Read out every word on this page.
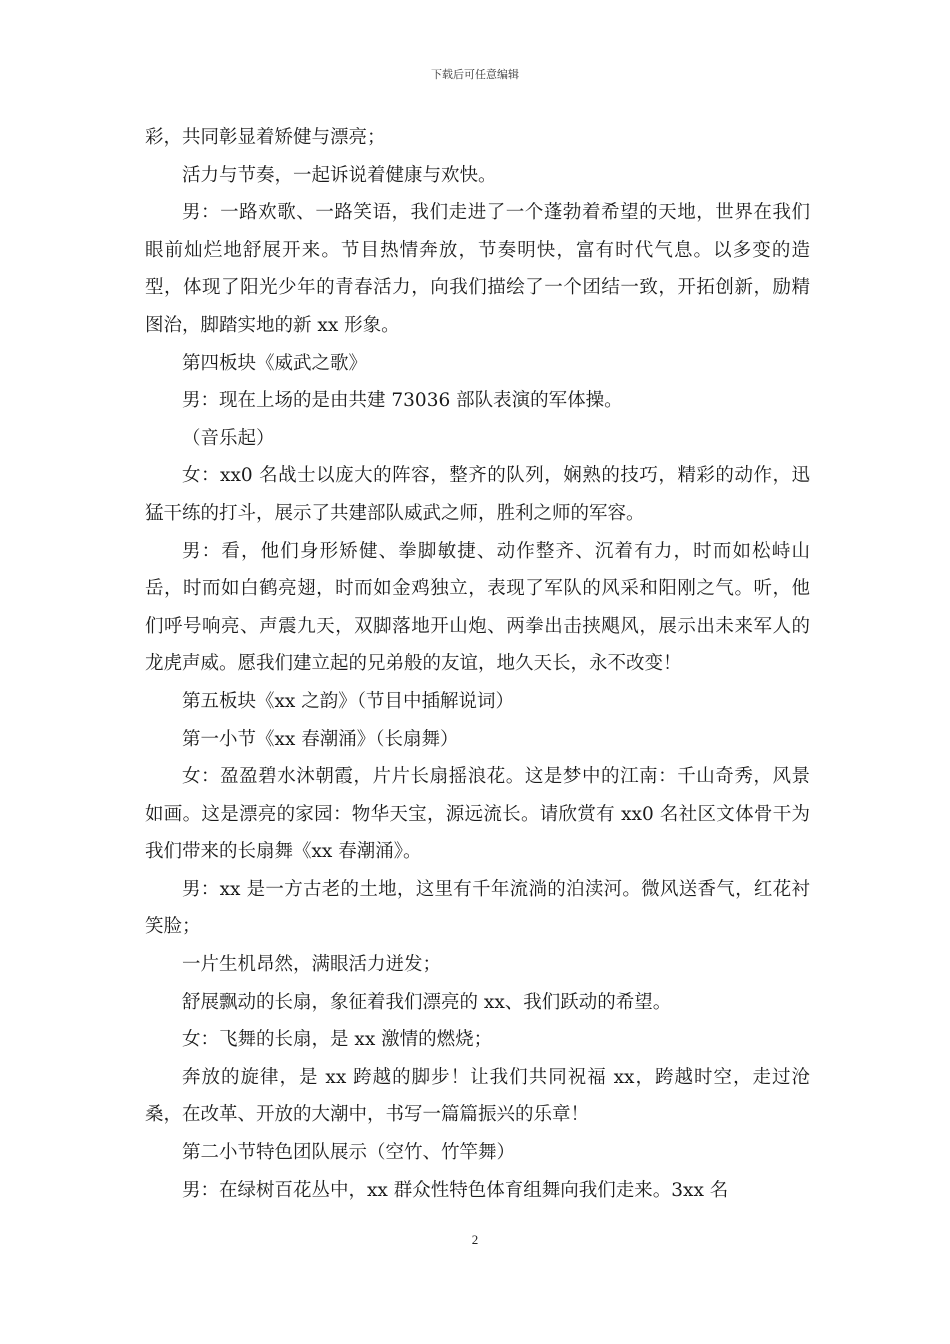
下载后可任意编辑

彩，共同彰显着矫健与漂亮；

活力与节奏，一起诉说着健康与欢快。

男：一路欢歌、一路笑语，我们走进了一个蓬勃着希望的天地，世界在我们眼前灿烂地舒展开来。节目热情奔放，节奏明快，富有时代气息。以多变的造型，体现了阳光少年的青春活力，向我们描绘了一个团结一致，开拓创新，励精图治，脚踏实地的新 xx 形象。

第四板块《威武之歌》

男：现在上场的是由共建 73036 部队表演的军体操。

（音乐起）

女：xx0 名战士以庞大的阵容，整齐的队列，娴熟的技巧，精彩的动作，迅猛干练的打斗，展示了共建部队威武之师，胜利之师的军容。

男：看，他们身形矫健、拳脚敏捷、动作整齐、沉着有力，时而如松峙山岳，时而如白鹤亮翅，时而如金鸡独立，表现了军队的风采和阳刚之气。听，他们呼号响亮、声震九天，双脚落地开山炮、两拳出击挟飓风，展示出未来军人的龙虎声威。愿我们建立起的兄弟般的友谊，地久天长，永不改变！

第五板块《xx 之韵》（节目中插解说词）

第一小节《xx 春潮涌》（长扇舞）

女：盈盈碧水沐朝霞，片片长扇摇浪花。这是梦中的江南：千山奇秀，风景如画。这是漂亮的家园：物华天宝，源远流长。请欣赏有 xx0 名社区文体骨干为我们带来的长扇舞《xx 春潮涌》。

男：xx 是一方古老的土地，这里有千年流淌的泊渎河。微风送香气，红花衬笑脸；

一片生机昂然，满眼活力迸发；

舒展飘动的长扇，象征着我们漂亮的 xx、我们跃动的希望。

女：飞舞的长扇，是 xx 激情的燃烧；

奔放的旋律，是 xx 跨越的脚步！让我们共同祝福 xx，跨越时空，走过沧桑，在改革、开放的大潮中，书写一篇篇振兴的乐章！

第二小节特色团队展示（空竹、竹竿舞）

男：在绿树百花丛中，xx 群众性特色体育组舞向我们走来。3xx 名

2
